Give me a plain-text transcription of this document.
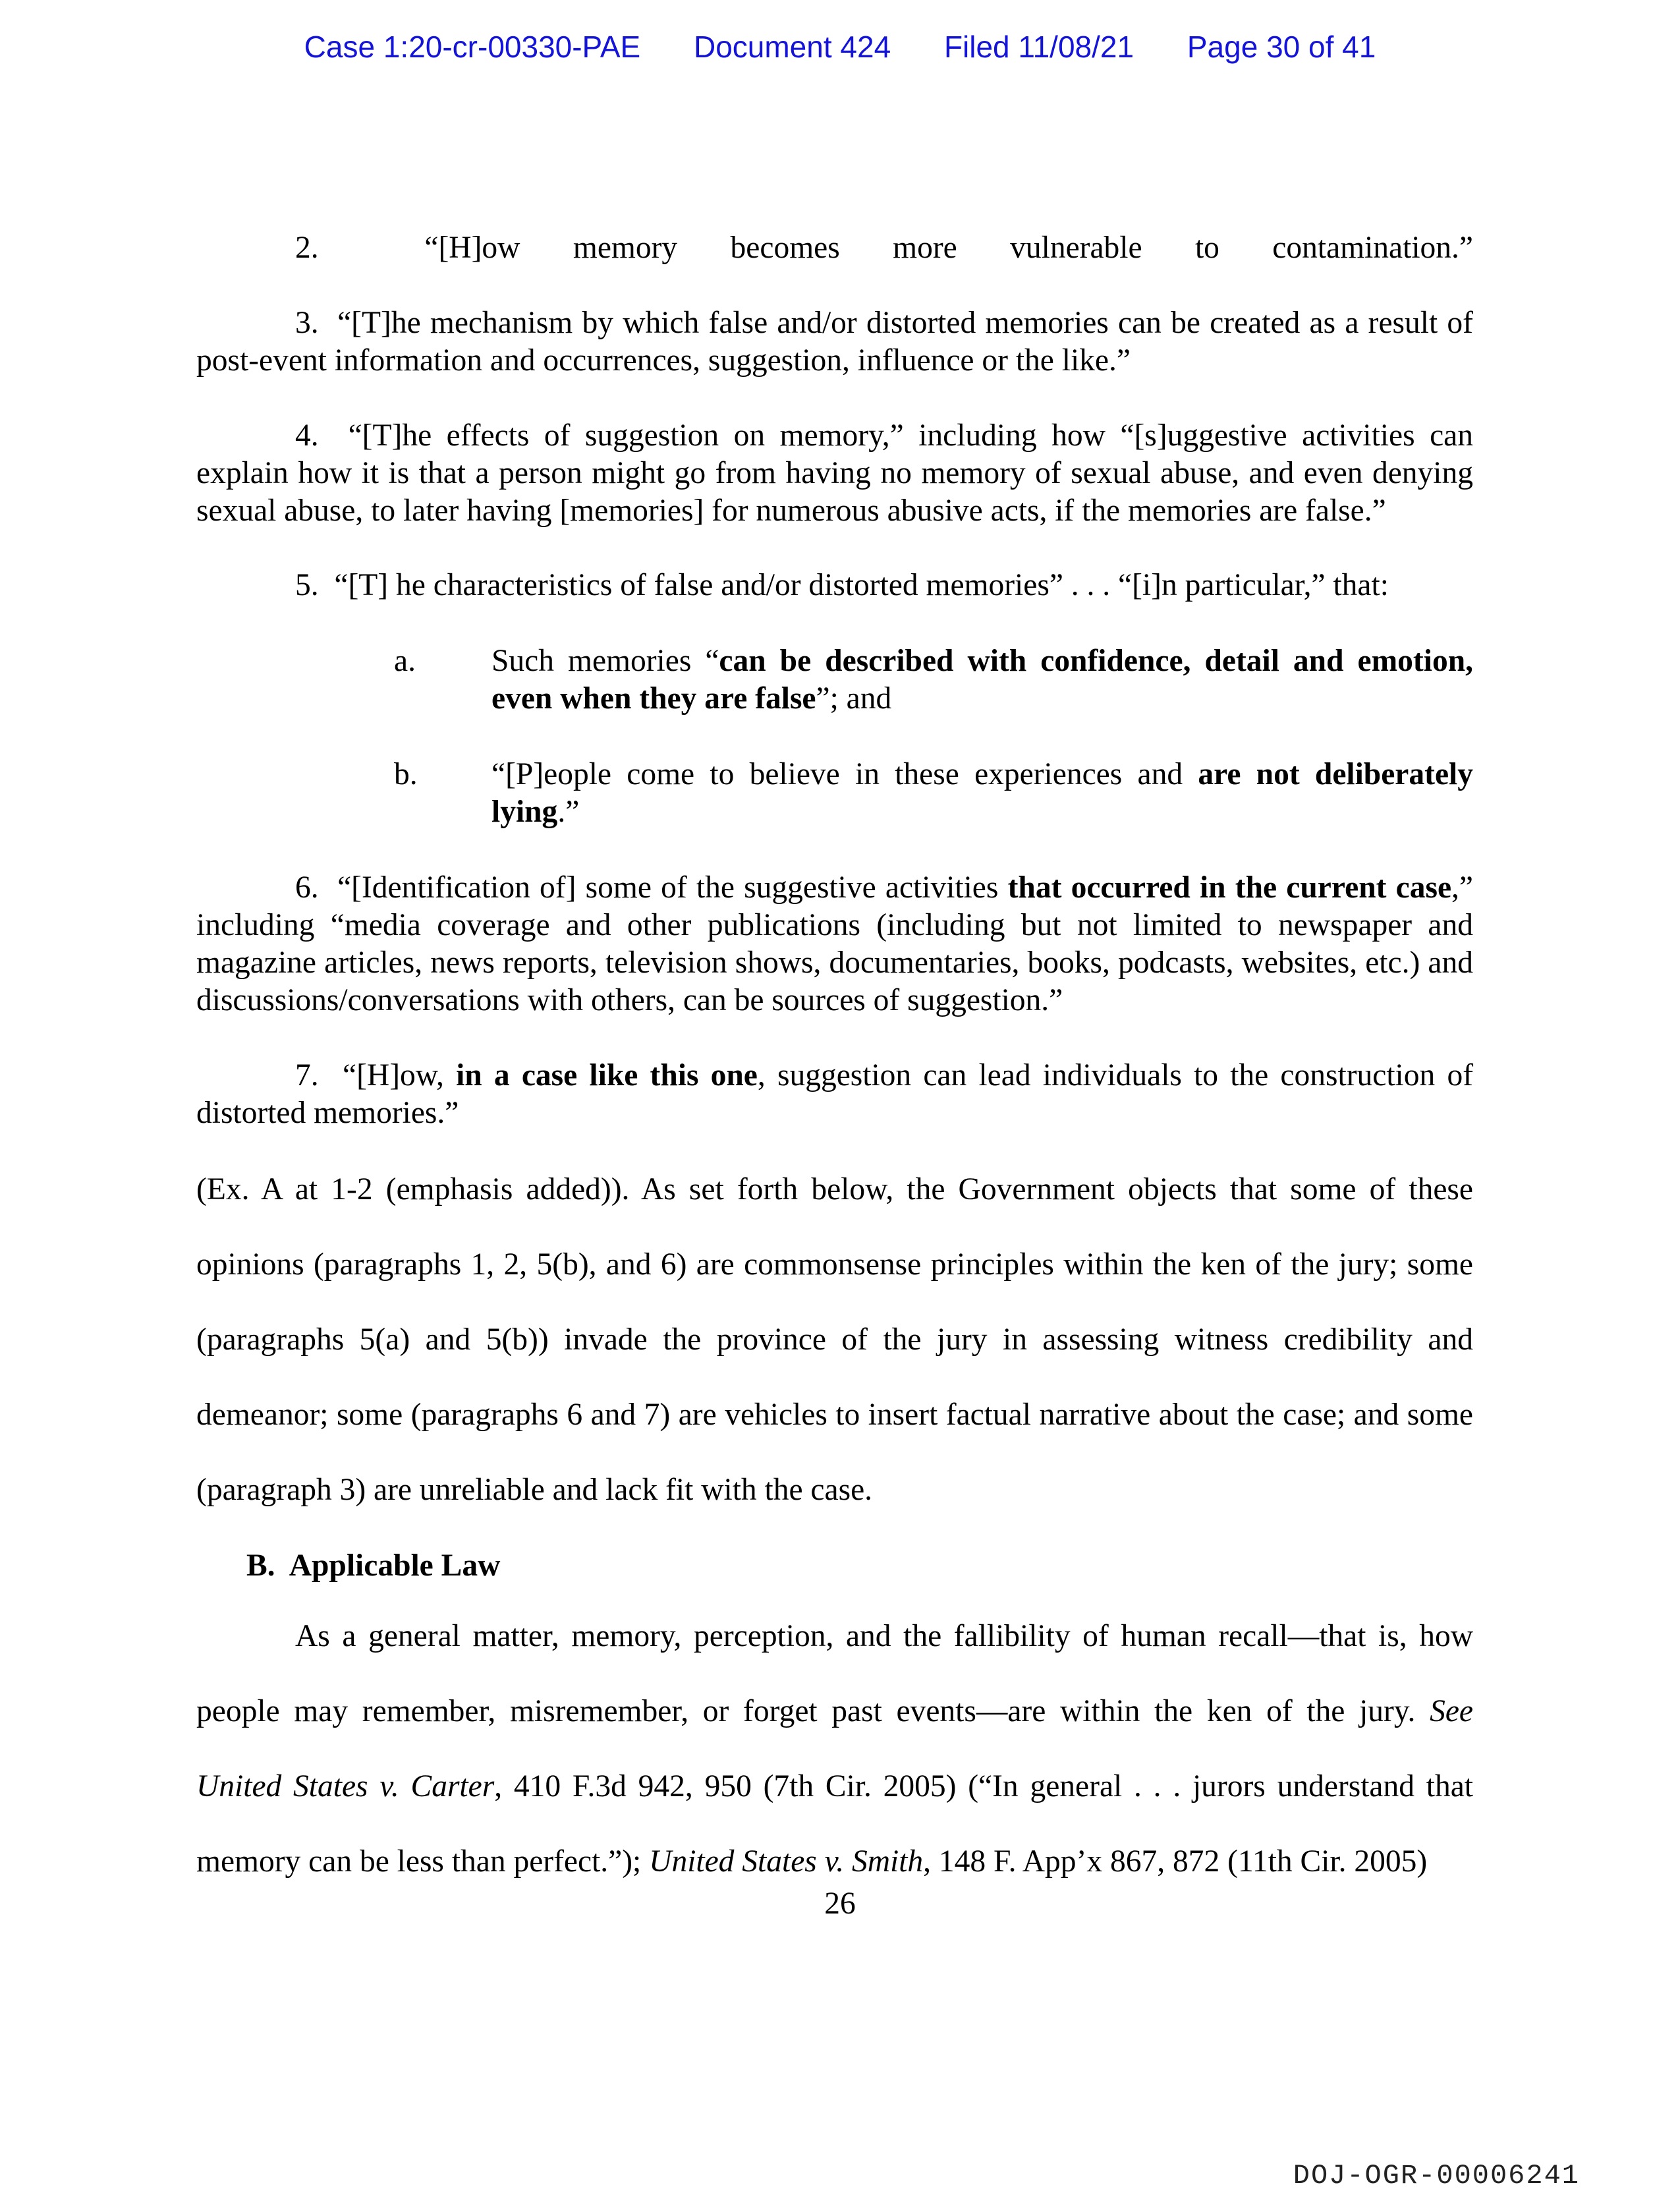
Case 1:20-cr-00330-PAE Document 424 Filed 11/08/21 Page 30 of 41
2.	“[H]ow memory becomes more vulnerable to contamination.”
3. “[T]he mechanism by which false and/or distorted memories can be created as a result of post-event information and occurrences, suggestion, influence or the like.”
4. “[T]he effects of suggestion on memory,” including how “[s]uggestive activities can explain how it is that a person might go from having no memory of sexual abuse, and even denying sexual abuse, to later having [memories] for numerous abusive acts, if the memories are false.”
5. “[T] he characteristics of false and/or distorted memories” . . . “[i]n particular,” that:
a. Such memories “can be described with confidence, detail and emotion, even when they are false”; and
b. “[P]eople come to believe in these experiences and are not deliberately lying.”
6. “[Identification of] some of the suggestive activities that occurred in the current case,” including “media coverage and other publications (including but not limited to newspaper and magazine articles, news reports, television shows, documentaries, books, podcasts, websites, etc.) and discussions/conversations with others, can be sources of suggestion.”
7. “[H]ow, in a case like this one, suggestion can lead individuals to the construction of distorted memories.”
(Ex. A at 1-2 (emphasis added)). As set forth below, the Government objects that some of these opinions (paragraphs 1, 2, 5(b), and 6) are commonsense principles within the ken of the jury; some (paragraphs 5(a) and 5(b)) invade the province of the jury in assessing witness credibility and demeanor; some (paragraphs 6 and 7) are vehicles to insert factual narrative about the case; and some (paragraph 3) are unreliable and lack fit with the case.
B. Applicable Law
As a general matter, memory, perception, and the fallibility of human recall—that is, how people may remember, misremember, or forget past events—are within the ken of the jury. See United States v. Carter, 410 F.3d 942, 950 (7th Cir. 2005) (“In general . . . jurors understand that memory can be less than perfect.”); United States v. Smith, 148 F. App’x 867, 872 (11th Cir. 2005)
26
DOJ-OGR-00006241
